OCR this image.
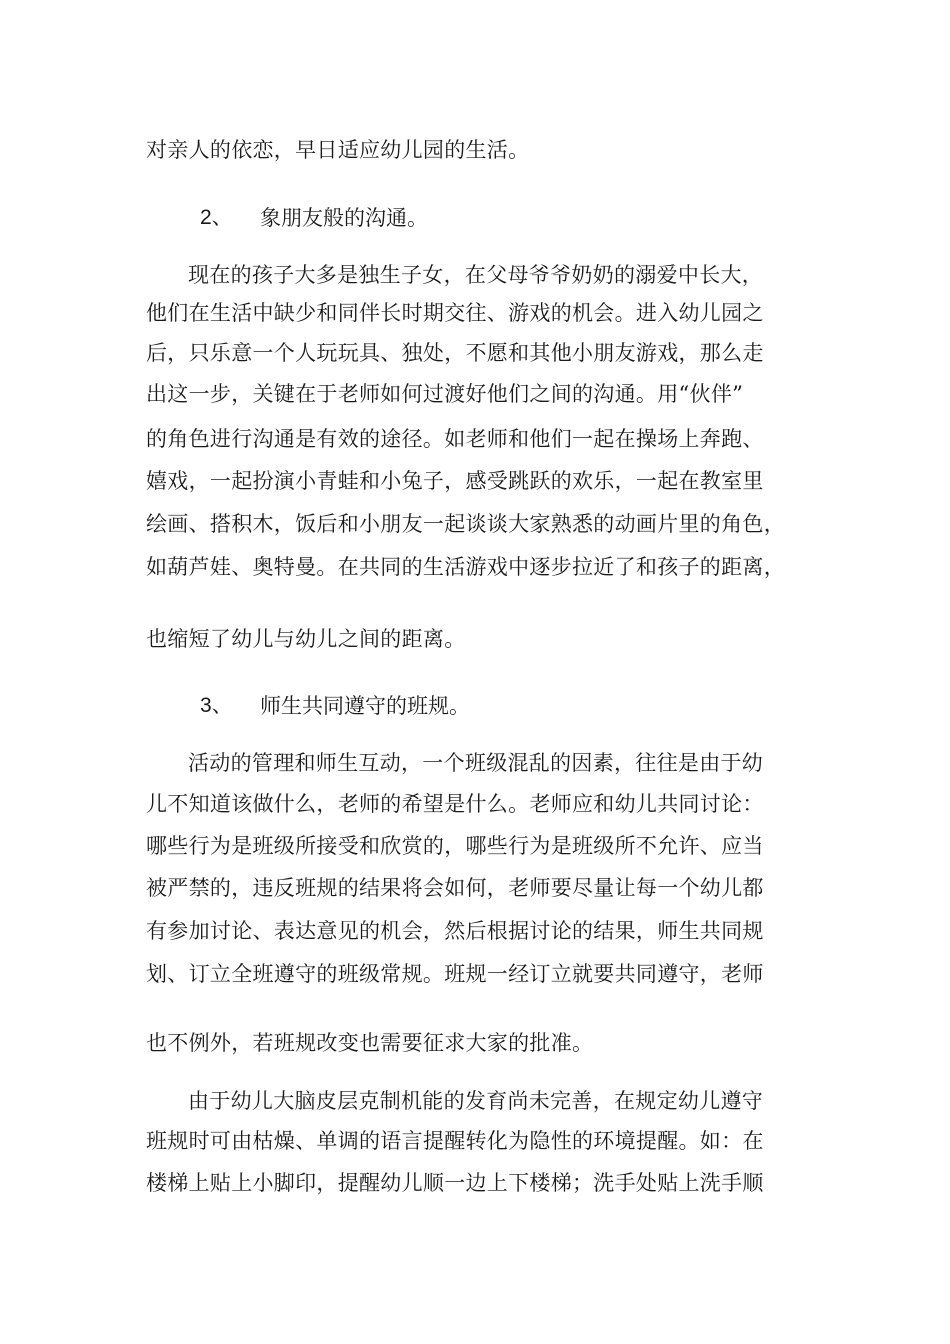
对亲人的依恋，早日适应幼儿园的生活。
2、 象朋友般的沟通。
现在的孩子大多是独生子女，在父母爷爷奶奶的溺爱中长大，
他们在生活中缺少和同伴长时期交往、游戏的机会。进入幼儿园之
后，只乐意一个人玩玩具、独处，不愿和其他小朋友游戏，那么走
出这一步，关键在于老师如何过渡好他们之间的沟通。用“伙伴”
的角色进行沟通是有效的途径。如老师和他们一起在操场上奔跑、
嬉戏，一起扮演小青蛙和小兔子，感受跳跃的欢乐，一起在教室里
绘画、搭积木，饭后和小朋友一起谈谈大家熟悉的动画片里的角色，
如葫芦娃、奥特曼。在共同的生活游戏中逐步拉近了和孩子的距离，
也缩短了幼儿与幼儿之间的距离。
3、 师生共同遵守的班规。
活动的管理和师生互动，一个班级混乱的因素，往往是由于幼
儿不知道该做什么，老师的希望是什么。老师应和幼儿共同讨论：
哪些行为是班级所接受和欣赏的，哪些行为是班级所不允许、应当
被严禁的，违反班规的结果将会如何，老师要尽量让每一个幼儿都
有参加讨论、表达意见的机会，然后根据讨论的结果，师生共同规
划、订立全班遵守的班级常规。班规一经订立就要共同遵守，老师
也不例外，若班规改变也需要征求大家的批准。
由于幼儿大脑皮层克制机能的发育尚未完善，在规定幼儿遵守
班规时可由枯燥、单调的语言提醒转化为隐性的环境提醒。如：在
楼梯上贴上小脚印，提醒幼儿顺一边上下楼梯；洗手处贴上洗手顺
